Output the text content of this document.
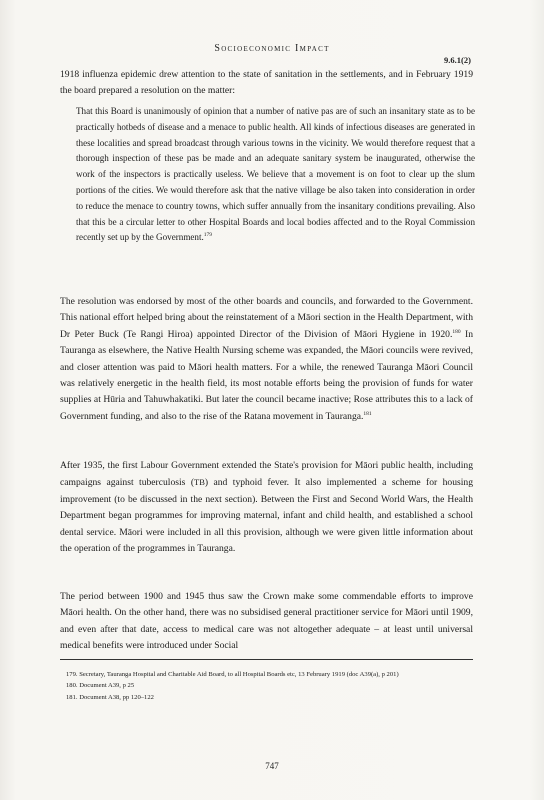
Socioeconomic Impact
9.6.1(2)

1918 influenza epidemic drew attention to the state of sanitation in the settlements, and in February 1919 the board prepared a resolution on the matter:

That this Board is unanimously of opinion that a number of native pas are of such an insanitary state as to be practically hotbeds of disease and a menace to public health. All kinds of infectious diseases are generated in these localities and spread broadcast through various towns in the vicinity. We would therefore request that a thorough inspection of these pas be made and an adequate sanitary system be inaugurated, otherwise the work of the inspectors is practically useless. We believe that a movement is on foot to clear up the slum portions of the cities. We would therefore ask that the native village be also taken into consideration in order to reduce the menace to country towns, which suffer annually from the insanitary conditions prevailing. Also that this be a circular letter to other Hospital Boards and local bodies affected and to the Royal Commission recently set up by the Government.$^{179}$

The resolution was endorsed by most of the other boards and councils, and forwarded to the Government. This national effort helped bring about the reinstatement of a Māori section in the Health Department, with Dr Peter Buck (Te Rangi Hiroa) appointed Director of the Division of Māori Hygiene in 1920.$^{180}$ In Tauranga as elsewhere, the Native Health Nursing scheme was expanded, the Māori councils were revived, and closer attention was paid to Māori health matters. For a while, the renewed Tauranga Māori Council was relatively energetic in the health field, its most notable efforts being the provision of funds for water supplies at Hūria and Tahuwhakatiki. But later the council became inactive; Rose attributes this to a lack of Government funding, and also to the rise of the Ratana movement in Tauranga.$^{181}$

After 1935, the first Labour Government extended the State's provision for Māori public health, including campaigns against tuberculosis (TB) and typhoid fever. It also implemented a scheme for housing improvement (to be discussed in the next section). Between the First and Second World Wars, the Health Department began programmes for improving maternal, infant and child health, and established a school dental service. Māori were included in all this provision, although we were given little information about the operation of the programmes in Tauranga.

The period between 1900 and 1945 thus saw the Crown make some commendable efforts to improve Māori health. On the other hand, there was no subsidised general practitioner service for Māori until 1909, and even after that date, access to medical care was not altogether adequate – at least until universal medical benefits were introduced under Social

179. Secretary, Tauranga Hospital and Charitable Aid Board, to all Hospital Boards etc, 13 February 1919 (doc A39(a), p 201)
180. Document A39, p 25
181. Document A38, pp 120–122
747
